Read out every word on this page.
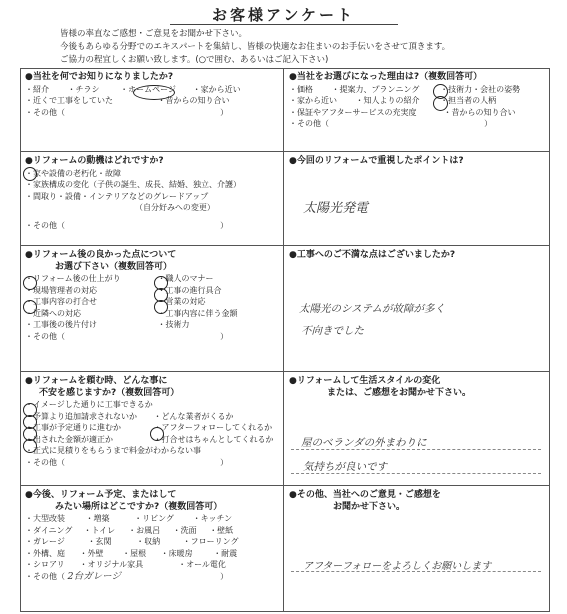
お客様アンケート
皆様の率直なご感想・ご意見をお聞かせ下さい。
今後もあらゆる分野でのエキスパートを集結し、皆様の快適なお住まいのお手伝いをさせて頂きます。
ご協力の程宜しくお願い致します。(○で囲む、あるいはご記入下さい)
●当社を何でお知りになりましたか?
・紹介 ・チラシ	・ホームページ ・家から近い
・近くで工事をしていた	・昔からの知り合い
・その他（	）
●当社をお選びになった理由は?（複数回答可）
・価格 ・提案力、プランニング	・技術力・会社の姿勢
・家から近い ・知人よりの紹介	・担当者の人柄
・保証やアフターサービスの充実度	・昔からの知り合い
・その他（	）
●リフォームの動機はどれですか?
・家や設備の老朽化・故障
・家族構成の変化（子供の誕生、成長、結婚、独立、介護）
・間取り・設備・インテリアなどのグレードアップ
（自分好みへの変更）
・その他（	）
●今回のリフォームで重視したポイントは?
太陽光発電
●リフォーム後の良かった点について
お選び下さい（複数回答可）
・リフォーム後の仕上がり	・職人のマナー
・現場管理者の対応	・工事の進行具合
・工事内容の打合せ	・営業の対応
・近隣への対応	・工事内容に伴う金額
・工事後の後片付け	・技術力
・その他（	）
●工事へのご不満な点はございましたか?
太陽光のシステムが故障が多く
不向きでした
●リフォームを頼む時、どんな事に
不安を感じますか?（複数回答可）
・イメージした通りに工事できるか
・予算より追加請求されないか ・どんな業者がくるか
・工事が予定通りに進むか	・アフターフォローしてくれるか
・出された金額が適正か	・打合せはちゃんとしてくれるか
・正式に見積りをもらうまで料金がわからない事
・その他（	）
●リフォームして生活スタイルの変化
または、ご感想をお聞かせ下さい。
屋のベランダの外まわりに
気持ちが良いです
●今後、リフォーム予定、またはして
みたい場所はどこですか?（複数回答可）
・大型改装	・増築	・リビング ・キッチン
・ダイニング ・トイレ ・お風呂 ・洗面 ・壁紙
・ガレージ	・玄関	・収納	・フローリング
・外構、庭 ・外壁 ・屋根 ・床暖房	・耐震
・シロアリ ・オリジナル家具	・オール電化
・その他（ 2台ガレージ	）
●その他、当社へのご意見・ご感想を
お聞かせ下さい。
アフターフォローをよろしくお願いします
